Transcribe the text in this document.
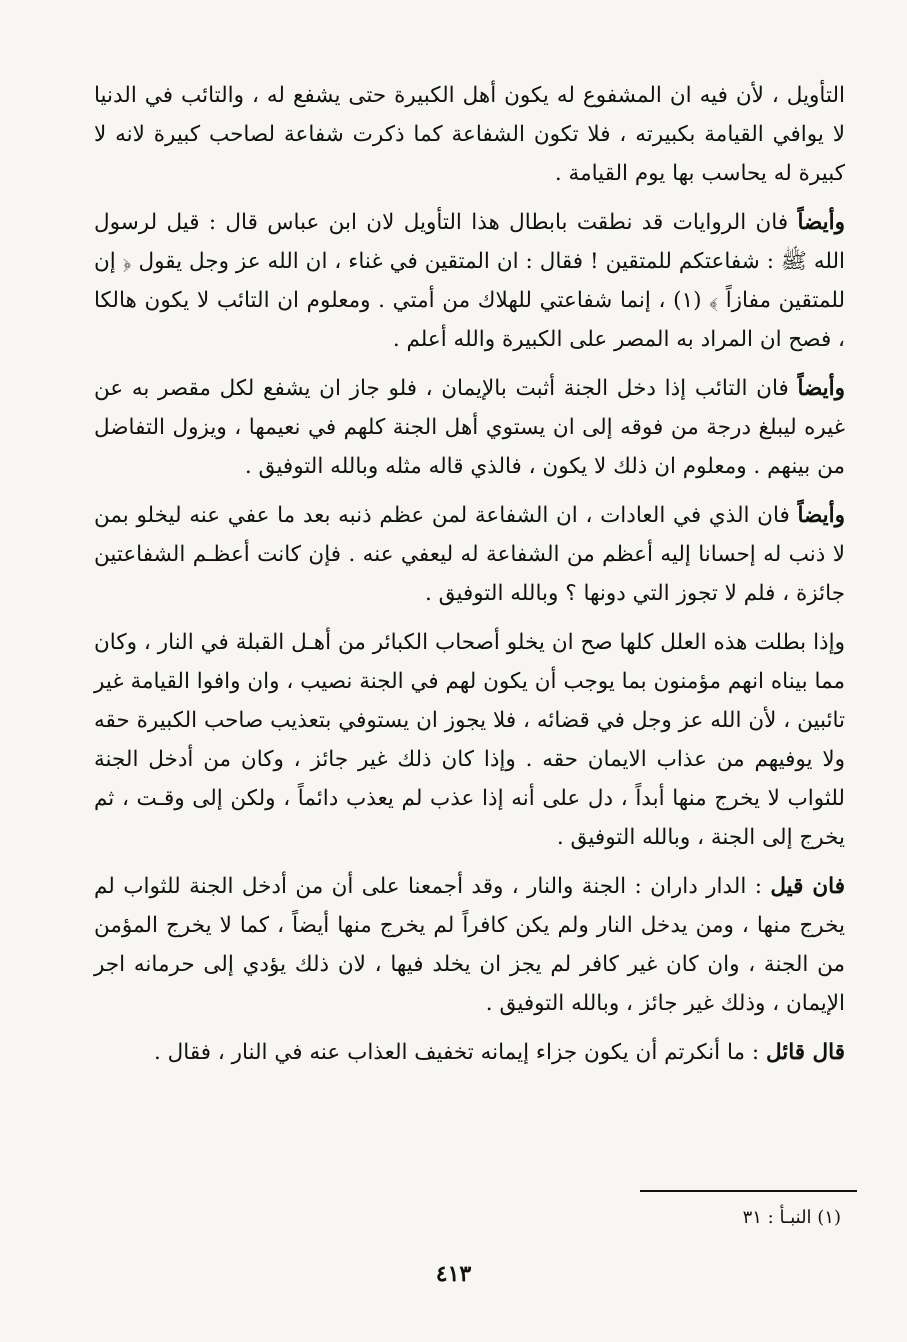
التأويل ، لأن فيه ان المشفوع له يكون أهل الكبيرة حتى يشفع له ، والتائب في الدنيا لا يوافي القيامة بكبيرته ، فلا تكون الشفاعة كما ذكرت شفاعة لصاحب كبيرة لانه لا كبيرة له يحاسب بها يوم القيامة .

وأيضاً فان الروايات قد نطقت بابطال هذا التأويل لان ابن عباس قال : قيل لرسول الله ﷺ : شفاعتكم للمتقين ! فقال : ان المتقين في غناء ، ان الله عز وجل يقول ﴿ إن للمتقين مفازاً ﴾ (١) ، إنما شفاعتي للهلاك من أمتي . ومعلوم ان التائب لا يكون هالكا ، فصح ان المراد به المصر على الكبيرة والله أعلم .

وأيضاً فان التائب إذا دخل الجنة أثبت بالإيمان ، فلو جاز ان يشفع لكل مقصر به عن غيره ليبلغ درجة من فوقه إلى ان يستوي أهل الجنة كلهم في نعيمها ، ويزول التفاضل من بينهم . ومعلوم ان ذلك لا يكون ، فالذي قاله مثله وبالله التوفيق .

وأيضاً فان الذي في العادات ، ان الشفاعة لمن عظم ذنبه بعد ما عفي عنه ليخلو بمن لا ذنب له إحسانا إليه أعظم من الشفاعة له ليعفي عنه . فإن كانت أعظـم الشفاعتين جائزة ، فلم لا تجوز التي دونها ؟ وبالله التوفيق .

وإذا بطلت هذه العلل كلها صح ان يخلو أصحاب الكبائر من أهـل القبلة في النار ، وكان مما بيناه انهم مؤمنون بما يوجب أن يكون لهم في الجنة نصيب ، وان وافوا القيامة غير تائبين ، لأن الله عز وجل في قضائه ، فلا يجوز ان يستوفي بتعذيب صاحب الكبيرة حقه ولا يوفيهم من عذاب الايمان حقه . وإذا كان ذلك غير جائز ، وكان من أدخل الجنة للثواب لا يخرج منها أبداً ، دل على أنه إذا عذب لم يعذب دائماً ، ولكن إلى وقـت ، ثم يخرج إلى الجنة ، وبالله التوفيق .

فان قيل : الدار داران : الجنة والنار ، وقد أجمعنا على أن من أدخل الجنة للثواب لم يخرج منها ، ومن يدخل النار ولم يكن كافراً لم يخرج منها أيضاً ، كما لا يخرج المؤمن من الجنة ، وان كان غير كافر لم يجز ان يخلد فيها ، لان ذلك يؤدي إلى حرمانه اجر الإيمان ، وذلك غير جائز ، وبالله التوفيق .

قال قائل : ما أنكرتم أن يكون جزاء إيمانه تخفيف العذاب عنه في النار ، فقال .

(١) النبـأ : ٣١
٤١٣
